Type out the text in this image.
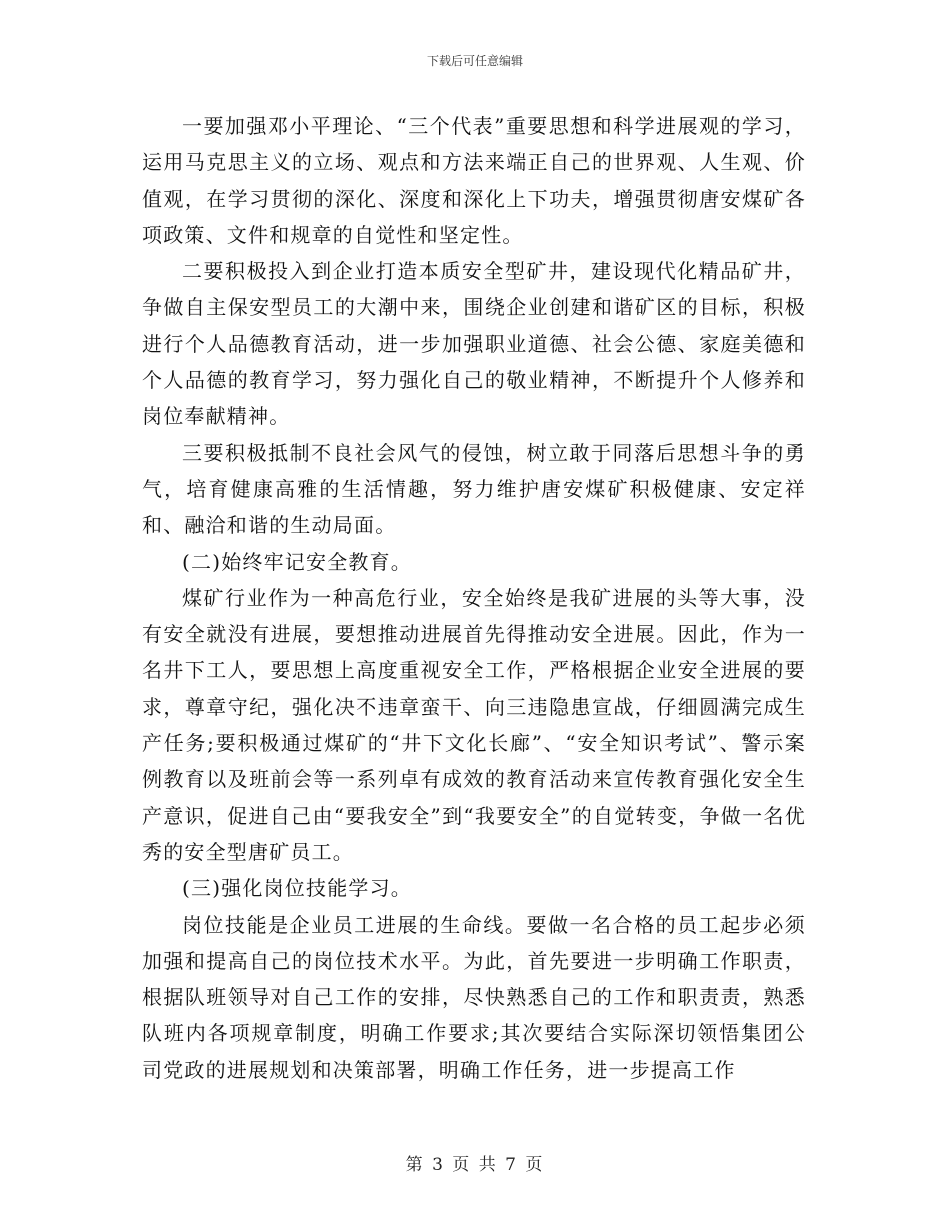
下载后可任意编辑

一要加强邓小平理论、“三个代表”重要思想和科学进展观的学习，运用马克思主义的立场、观点和方法来端正自己的世界观、人生观、价值观，在学习贯彻的深化、深度和深化上下功夫，增强贯彻唐安煤矿各项政策、文件和规章的自觉性和坚定性。

二要积极投入到企业打造本质安全型矿井，建设现代化精品矿井，争做自主保安型员工的大潮中来，围绕企业创建和谐矿区的目标，积极进行个人品德教育活动，进一步加强职业道德、社会公德、家庭美德和个人品德的教育学习，努力强化自己的敬业精神，不断提升个人修养和岗位奉献精神。

三要积极抵制不良社会风气的侵蚀，树立敢于同落后思想斗争的勇气，培育健康高雅的生活情趣，努力维护唐安煤矿积极健康、安定祥和、融洽和谐的生动局面。

(二)始终牢记安全教育。

煤矿行业作为一种高危行业，安全始终是我矿进展的头等大事，没有安全就没有进展，要想推动进展首先得推动安全进展。因此，作为一名井下工人，要思想上高度重视安全工作，严格根据企业安全进展的要求，尊章守纪，强化决不违章蛮干、向三违隐患宣战，仔细圆满完成生产任务;要积极通过煤矿的“井下文化长廊”、“安全知识考试”、警示案例教育以及班前会等一系列卓有成效的教育活动来宣传教育强化安全生产意识，促进自己由“要我安全”到“我要安全”的自觉转变，争做一名优秀的安全型唐矿员工。

(三)强化岗位技能学习。

岗位技能是企业员工进展的生命线。要做一名合格的员工起步必须加强和提高自己的岗位技术水平。为此，首先要进一步明确工作职责，根据队班领导对自己工作的安排，尽快熟悉自己的工作和职责责，熟悉队班内各项规章制度，明确工作要求;其次要结合实际深切领悟集团公司党政的进展规划和决策部署，明确工作任务，进一步提高工作

第 3 页 共 7 页
